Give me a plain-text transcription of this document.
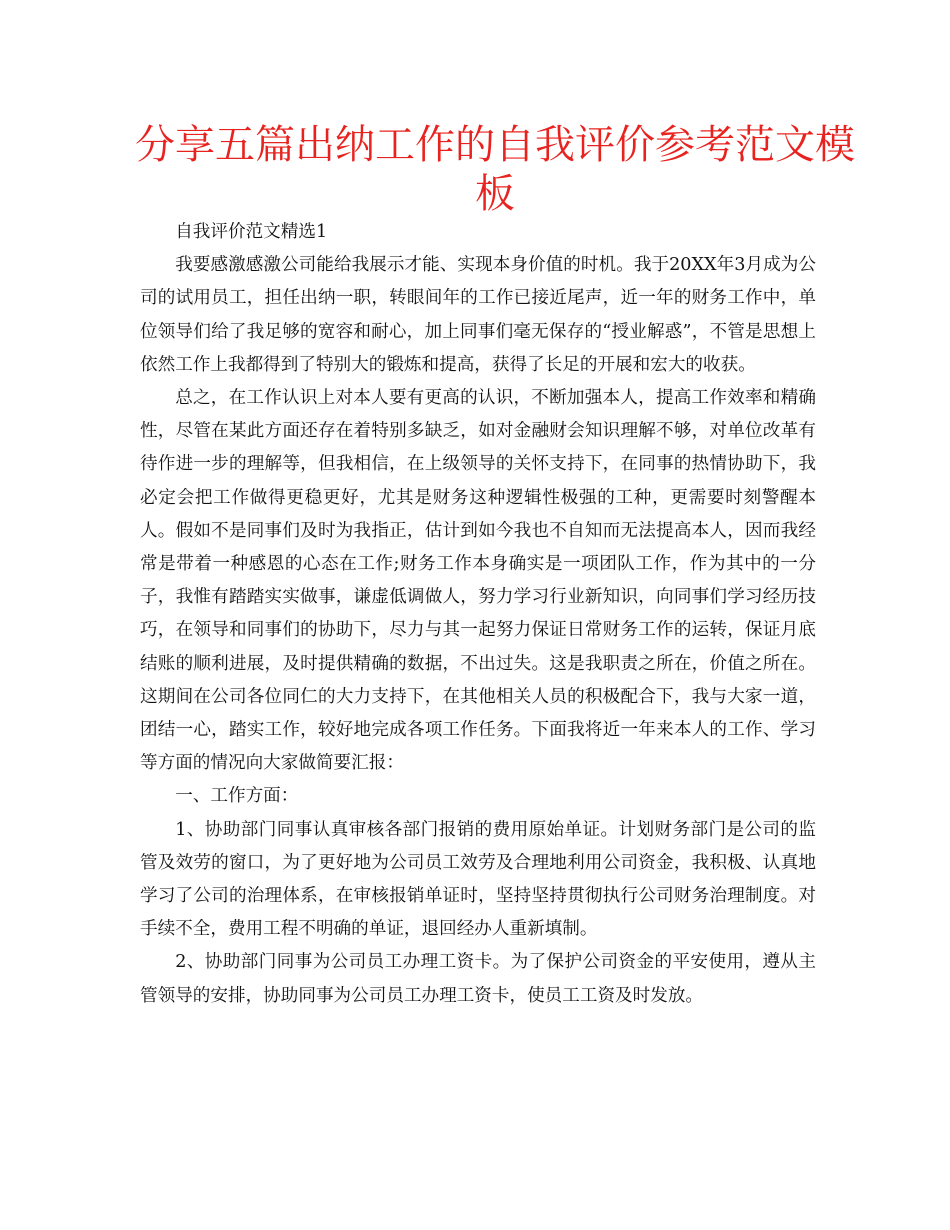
分享五篇出纳工作的自我评价参考范文模板

自我评价范文精选1

我要感激感激公司能给我展示才能、实现本身价值的时机。我于20XX年3月成为公司的试用员工，担任出纳一职，转眼间年的工作已接近尾声，近一年的财务工作中，单位领导们给了我足够的宽容和耐心，加上同事们毫无保存的“授业解惑”，不管是思想上依然工作上我都得到了特别大的锻炼和提高，获得了长足的开展和宏大的收获。

总之，在工作认识上对本人要有更高的认识，不断加强本人，提高工作效率和精确性，尽管在某此方面还存在着特别多缺乏，如对金融财会知识理解不够，对单位改革有待作进一步的理解等，但我相信，在上级领导的关怀支持下，在同事的热情协助下，我必定会把工作做得更稳更好，尤其是财务这种逻辑性极强的工种，更需要时刻警醒本人。假如不是同事们及时为我指正，估计到如今我也不自知而无法提高本人，因而我经常是带着一种感恩的心态在工作;财务工作本身确实是一项团队工作，作为其中的一分子，我惟有踏踏实实做事，谦虚低调做人，努力学习行业新知识，向同事们学习经历技巧，在领导和同事们的协助下，尽力与其一起努力保证日常财务工作的运转，保证月底结账的顺利进展，及时提供精确的数据，不出过失。这是我职责之所在，价值之所在。这期间在公司各位同仁的大力支持下，在其他相关人员的积极配合下，我与大家一道，团结一心，踏实工作，较好地完成各项工作任务。下面我将近一年来本人的工作、学习等方面的情况向大家做简要汇报：

一、工作方面：

1、协助部门同事认真审核各部门报销的费用原始单证。计划财务部门是公司的监管及效劳的窗口，为了更好地为公司员工效劳及合理地利用公司资金，我积极、认真地学习了公司的治理体系，在审核报销单证时，坚持坚持贯彻执行公司财务治理制度。对手续不全，费用工程不明确的单证，退回经办人重新填制。

2、协助部门同事为公司员工办理工资卡。为了保护公司资金的平安使用，遵从主管领导的安排，协助同事为公司员工办理工资卡，使员工工资及时发放。
